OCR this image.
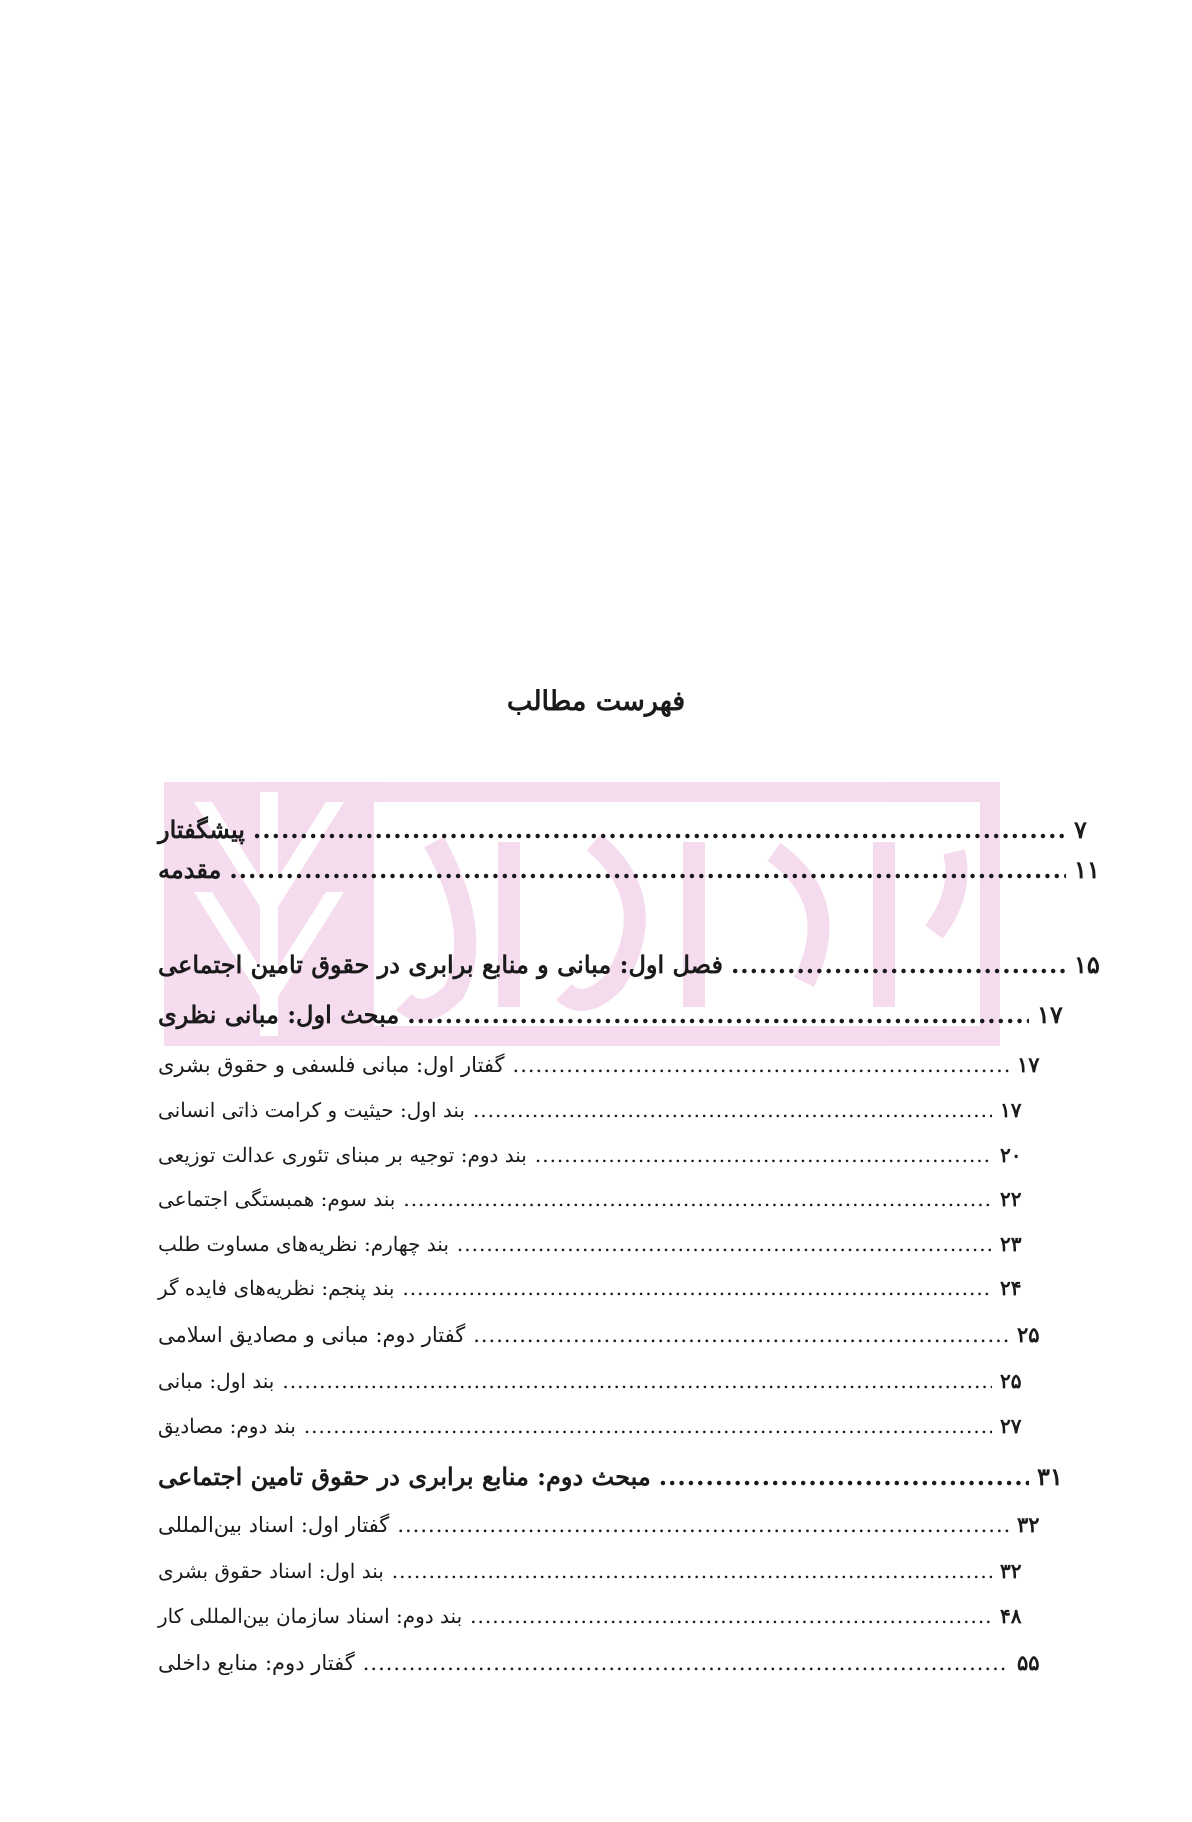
فهرست مطالب
پیشگفتار .....	۷
مقدمه .....	۱۱
فصل اول: مبانی و منابع برابری در حقوق تامین اجتماعی .....	۱۵
مبحث اول: مبانی نظری .....	۱۷
گفتار اول: مبانی فلسفی و حقوق بشری .....	۱۷
بند اول: حیثیت و کرامت ذاتی انسانی .....	۱۷
بند دوم: توجیه بر مبنای تئوری عدالت توزیعی .....	۲۰
بند سوم: همبستگی اجتماعی .....	۲۲
بند چهارم: نظریه‌های مساوت طلب .....	۲۳
بند پنجم: نظریه‌های فایده گر .....	۲۴
گفتار دوم: مبانی و مصادیق اسلامی .....	۲۵
بند اول: مبانی .....	۲۵
بند دوم: مصادیق .....	۲۷
مبحث دوم: منابع برابری در حقوق تامین اجتماعی .....	۳۱
گفتار اول: اسناد بین‌المللی .....	۳۲
بند اول: اسناد حقوق بشری .....	۳۲
بند دوم: اسناد سازمان بین‌المللی کار .....	۴۸
گفتار دوم: منابع داخلی .....	۵۵
